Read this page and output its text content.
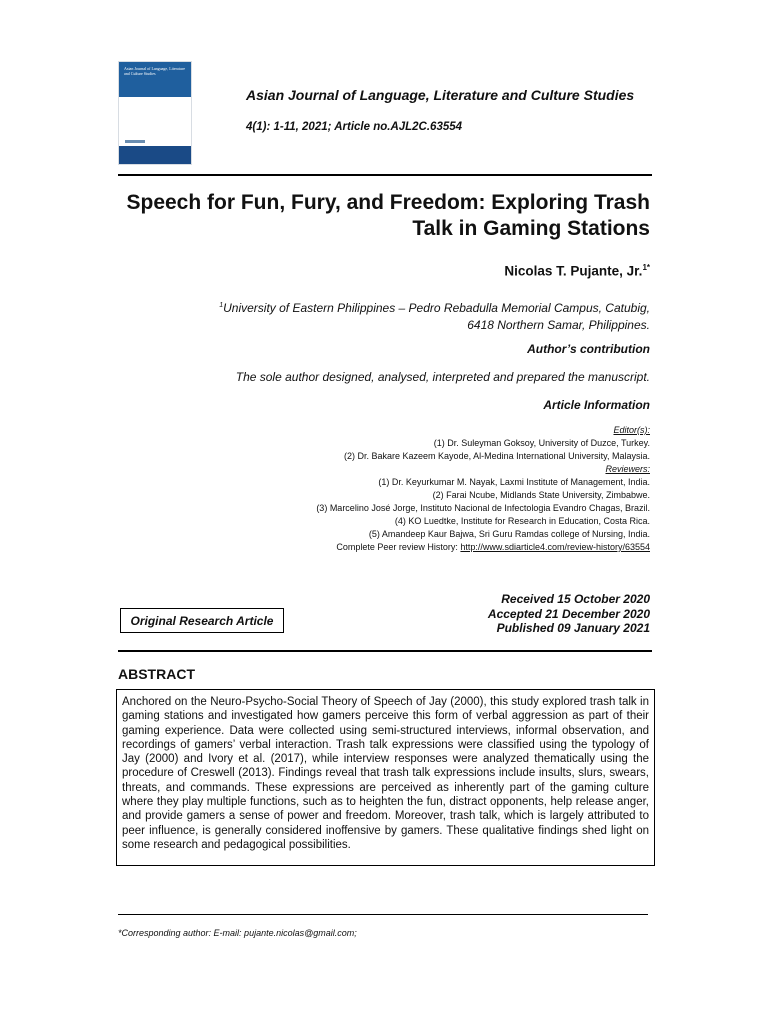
Asian Journal of Language, Literature and Culture Studies
Asian Journal of Language, Literature and Culture Studies
4(1): 1-11, 2021; Article no.AJL2C.63554
Speech for Fun, Fury, and Freedom: Exploring Trash
Talk in Gaming Stations
Nicolas T. Pujante, Jr.$^{1*}$
$^1$University of Eastern Philippines – Pedro Rebadulla Memorial Campus, Catubig,
6418 Northern Samar, Philippines.
Author’s contribution
The sole author designed, analysed, interpreted and prepared the manuscript.
Article Information
Editor(s):
(1) Dr. Suleyman Goksoy, University of Duzce, Turkey.
(2) Dr. Bakare Kazeem Kayode, Al-Medina International University, Malaysia.
Reviewers:
(1) Dr. Keyurkumar M. Nayak, Laxmi Institute of Management, India.
(2) Farai Ncube, Midlands State University, Zimbabwe.
(3) Marcelino José Jorge, Instituto Nacional de Infectologia Evandro Chagas, Brazil.
(4) KO Luedtke, Institute for Research in Education, Costa Rica.
(5) Amandeep Kaur Bajwa, Sri Guru Ramdas college of Nursing, India.
Complete Peer review History: http://www.sdiarticle4.com/review-history/63554
Original Research Article
Received 15 October 2020
Accepted 21 December 2020
Published 09 January 2021
ABSTRACT
Anchored on the Neuro-Psycho-Social Theory of Speech of Jay (2000), this study explored trash talk in gaming stations and investigated how gamers perceive this form of verbal aggression as part of their gaming experience. Data were collected using semi-structured interviews, informal observation, and recordings of gamers’ verbal interaction. Trash talk expressions were classified using the typology of Jay (2000) and Ivory et al. (2017), while interview responses were analyzed thematically using the procedure of Creswell (2013). Findings reveal that trash talk expressions include insults, slurs, swears, threats, and commands. These expressions are perceived as inherently part of the gaming culture where they play multiple functions, such as to heighten the fun, distract opponents, help release anger, and provide gamers a sense of power and freedom. Moreover, trash talk, which is largely attributed to peer influence, is generally considered inoffensive by gamers. These qualitative findings shed light on some research and pedagogical possibilities.
*Corresponding author: E-mail: pujante.nicolas@gmail.com;
